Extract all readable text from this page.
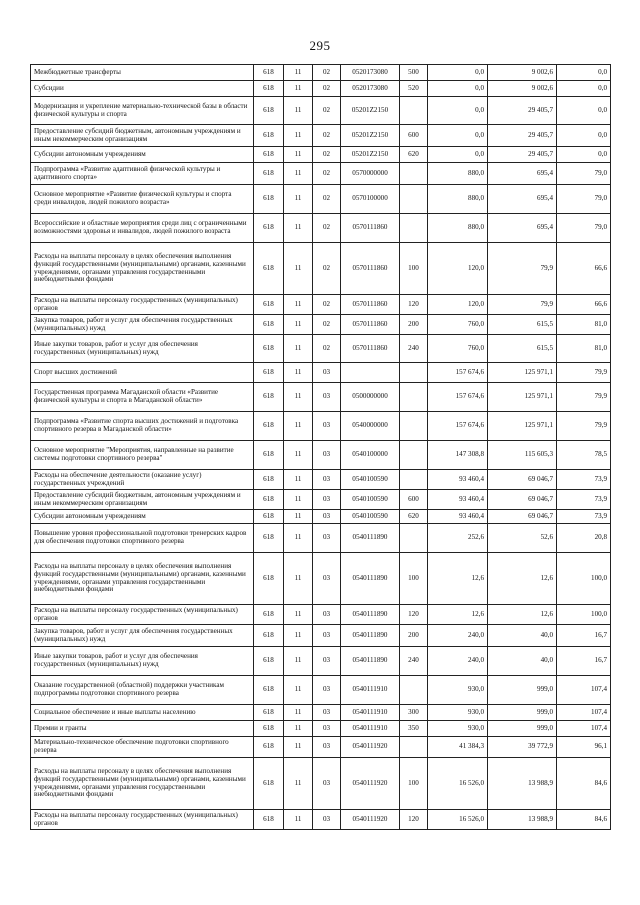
295
Межбюджетные трансферты	618	11	02	0520173080	500	0,0	9 002,6	0,0
Субсидии	618	11	02	0520173080	520	0,0	9 002,6	0,0
Модернизация и укрепление материально-технической базы в области физической культуры и спорта	618	11	02	05201Z2150		0,0	29 405,7	0,0
Предоставление субсидий бюджетным, автономным учреждениям и иным некоммерческим организациям	618	11	02	05201Z2150	600	0,0	29 405,7	0,0
Субсидии автономным учреждениям	618	11	02	05201Z2150	620	0,0	29 405,7	0,0
Подпрограмма «Развитие адаптивной физической культуры и адаптивного спорта»	618	11	02	0570000000		880,0	695,4	79,0
Основное мероприятие «Развитие физической культуры и спорта среди инвалидов, людей пожилого возраста»	618	11	02	0570100000		880,0	695,4	79,0
Всероссийские и областные мероприятия среди лиц с ограниченными возможностями здоровья и инвалидов, людей пожилого возраста	618	11	02	0570111860		880,0	695,4	79,0
Расходы на выплаты персоналу в целях обеспечения выполнения функций государственными (муниципальными) органами, казенными учреждениями, органами управления государственными внебюджетными фондами	618	11	02	0570111860	100	120,0	79,9	66,6
Расходы на выплаты персоналу государственных (муниципальных) органов	618	11	02	0570111860	120	120,0	79,9	66,6
Закупка товаров, работ и услуг для обеспечения государственных (муниципальных) нужд	618	11	02	0570111860	200	760,0	615,5	81,0
Иные закупки товаров, работ и услуг для обеспечения государственных (муниципальных) нужд	618	11	02	0570111860	240	760,0	615,5	81,0
Спорт высших достижений	618	11	03			157 674,6	125 971,1	79,9
Государственная программа Магаданской области «Развитие физической культуры и спорта в Магаданской области»	618	11	03	0500000000		157 674,6	125 971,1	79,9
Подпрограмма «Развитие спорта высших достижений и подготовка спортивного резерва в Магаданской области»	618	11	03	0540000000		157 674,6	125 971,1	79,9
Основное мероприятие "Мероприятия, направленные на развитие системы подготовки спортивного резерва"	618	11	03	0540100000		147 308,8	115 605,3	78,5
Расходы на обеспечение деятельности (оказание услуг) государственных учреждений	618	11	03	0540100590		93 460,4	69 046,7	73,9
Предоставление субсидий бюджетным, автономным учреждениям и иным некоммерческим организациям	618	11	03	0540100590	600	93 460,4	69 046,7	73,9
Субсидии автономным учреждениям	618	11	03	0540100590	620	93 460,4	69 046,7	73,9
Повышение уровня профессиональной подготовки тренерских кадров для обеспечения подготовки спортивного резерва	618	11	03	0540111890		252,6	52,6	20,8
Расходы на выплаты персоналу в целях обеспечения выполнения функций государственными (муниципальными) органами, казенными учреждениями, органами управления государственными внебюджетными фондами	618	11	03	0540111890	100	12,6	12,6	100,0
Расходы на выплаты персоналу государственных (муниципальных) органов	618	11	03	0540111890	120	12,6	12,6	100,0
Закупка товаров, работ и услуг для обеспечения государственных (муниципальных) нужд	618	11	03	0540111890	200	240,0	40,0	16,7
Иные закупки товаров, работ и услуг для обеспечения государственных (муниципальных) нужд	618	11	03	0540111890	240	240,0	40,0	16,7
Оказание государственной (областной) поддержки участникам подпрограммы подготовки спортивного резерва	618	11	03	0540111910		930,0	999,0	107,4
Социальное обеспечение и иные выплаты населению	618	11	03	0540111910	300	930,0	999,0	107,4
Премии и гранты	618	11	03	0540111910	350	930,0	999,0	107,4
Материально-техническое обеспечение подготовки спортивного резерва	618	11	03	0540111920		41 384,3	39 772,9	96,1
Расходы на выплаты персоналу в целях обеспечения выполнения функций государственными (муниципальными) органами, казенными учреждениями, органами управления государственными внебюджетными фондами	618	11	03	0540111920	100	16 526,0	13 988,9	84,6
Расходы на выплаты персоналу государственных (муниципальных) органов	618	11	03	0540111920	120	16 526,0	13 988,9	84,6
